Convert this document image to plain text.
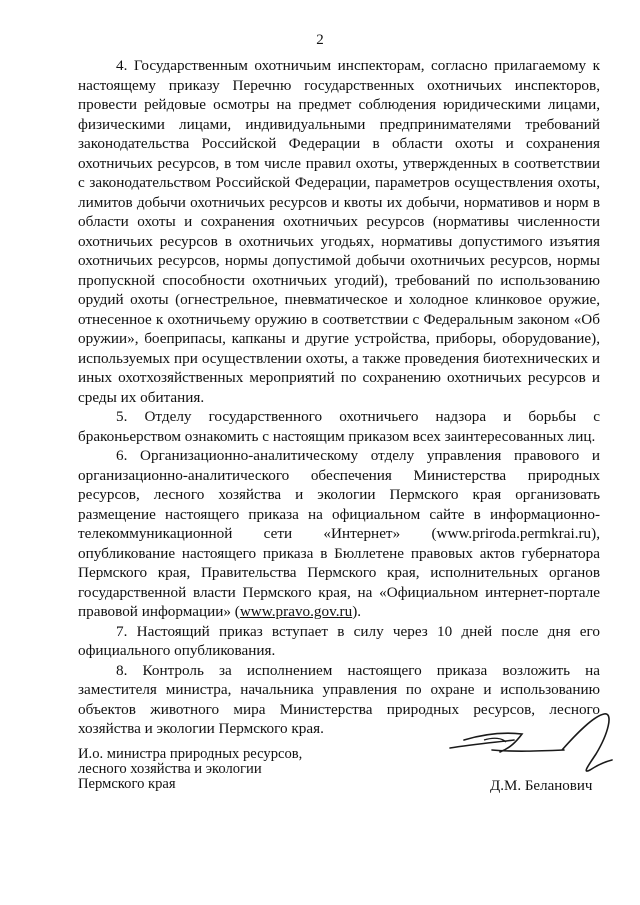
2

4. Государственным охотничьим инспекторам, согласно прилагаемому к настоящему приказу Перечню государственных охотничьих инспекторов, провести рейдовые осмотры на предмет соблюдения юридическими лицами, физическими лицами, индивидуальными предпринимателями требований законодательства Российской Федерации в области охоты и сохранения охотничьих ресурсов, в том числе правил охоты, утвержденных в соответствии с законодательством Российской Федерации, параметров осуществления охоты, лимитов добычи охотничьих ресурсов и квоты их добычи, нормативов и норм в области охоты и сохранения охотничьих ресурсов (нормативы численности охотничьих ресурсов в охотничьих угодьях, нормативы допустимого изъятия охотничьих ресурсов, нормы допустимой добычи охотничьих ресурсов, нормы пропускной способности охотничьих угодий), требований по использованию орудий охоты (огнестрельное, пневматическое и холодное клинковое оружие, отнесенное к охотничьему оружию в соответствии с Федеральным законом «Об оружии», боеприпасы, капканы и другие устройства, приборы, оборудование), используемых при осуществлении охоты, а также проведения биотехнических и иных охотхозяйственных мероприятий по сохранению охотничьих ресурсов и среды их обитания.

5. Отделу государственного охотничьего надзора и борьбы с браконьерством ознакомить с настоящим приказом всех заинтересованных лиц.

6. Организационно-аналитическому отделу управления правового и организационно-аналитического обеспечения Министерства природных ресурсов, лесного хозяйства и экологии Пермского края организовать размещение настоящего приказа на официальном сайте в информационно-телекоммуникационной сети «Интернет» (www.priroda.permkrai.ru), опубликование настоящего приказа в Бюллетене правовых актов губернатора Пермского края, Правительства Пермского края, исполнительных органов государственной власти Пермского края, на «Официальном интернет-портале правовой информации» (www.pravo.gov.ru).

7. Настоящий приказ вступает в силу через 10 дней после дня его официального опубликования.

8. Контроль за исполнением настоящего приказа возложить на заместителя министра, начальника управления по охране и использованию объектов животного мира Министерства природных ресурсов, лесного хозяйства и экологии Пермского края.

И.о. министра природных ресурсов,
лесного хозяйства и экологии
Пермского края	Д.М. Беланович
